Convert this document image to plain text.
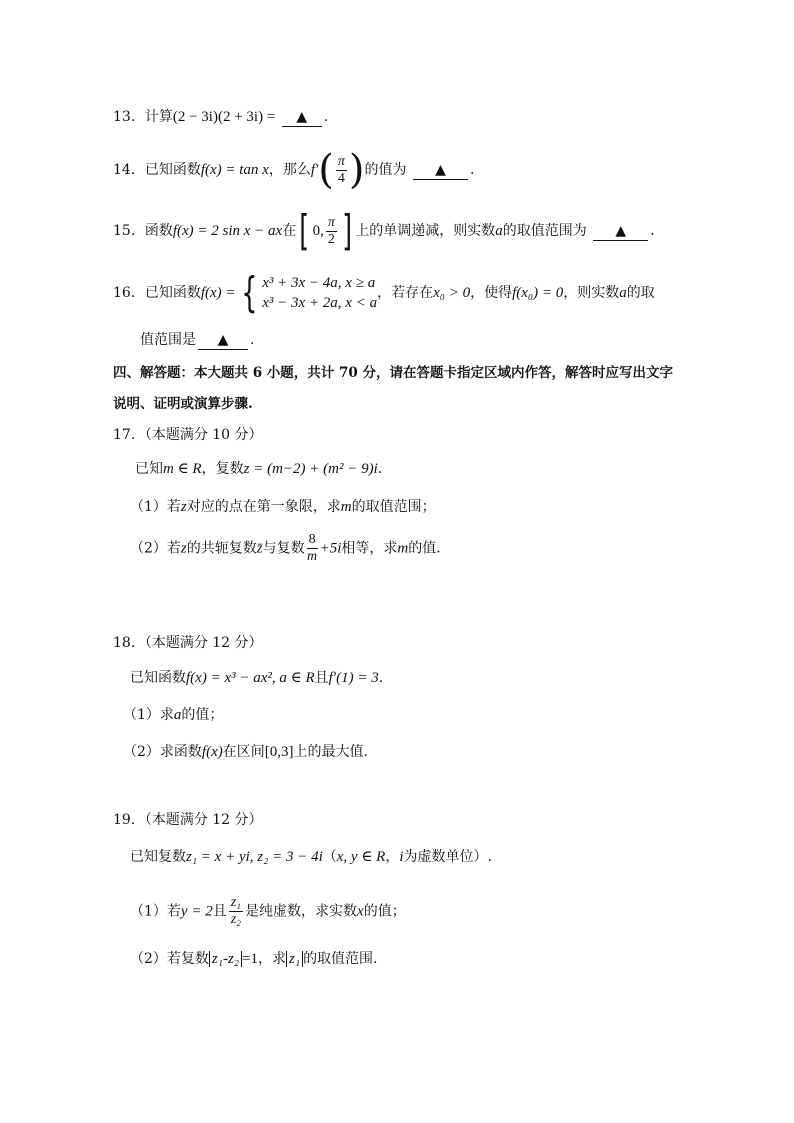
13．计算(2 − 3i)(2 + 3i) = ▲ .
14．已知函数f(x) = tan x，那么$f'( \frac{\pi}{4}$ )的值为 ▲ .
15．函数f(x) = 2 sin x − ax在[ 0, $\frac{\pi}{2}$ ] 上的单调递减，则实数a的取值范围为 ▲ .
16．已知函数f(x) = { x³ + 3x − 4a, x ≥ a
x³ − 3x + 2a, x < a
，若存在x₀ > 0，使得f(x₀) = 0，则实数a的取
值范围是 ▲ .
四、解答题：本大题共 6 小题，共计 70 分，请在答题卡指定区域内作答，解答时应写出文字
说明、证明或演算步骤.
17．（本题满分 10 分）
已知m ∈ R，复数z = (m−2) + (m² − 9)i.
（1）若z对应的点在第一象限，求m的取值范围；
（2）若z的共轭复数z̄与复数 $\frac{8}{m} +5i$相等，求m的值.
18．（本题满分 12 分）
已知函数f(x) = x³ − ax², a ∈ R且f′(1) = 3.
（1）求a的值；
（2）求函数f(x)在区间[0,3]上的最大值.
19．（本题满分 12 分）
已知复数z₁ = x + yi, z₂ = 3 − 4i（x, y ∈ R，i为虚数单位）.
（1）若y = 2且 $\frac{\text{z₁}}{\text{z₂}}$ 是纯虚数，求实数x的值；
（2）若复数 z₁-z₂ =1，求 z₁ 的取值范围.
